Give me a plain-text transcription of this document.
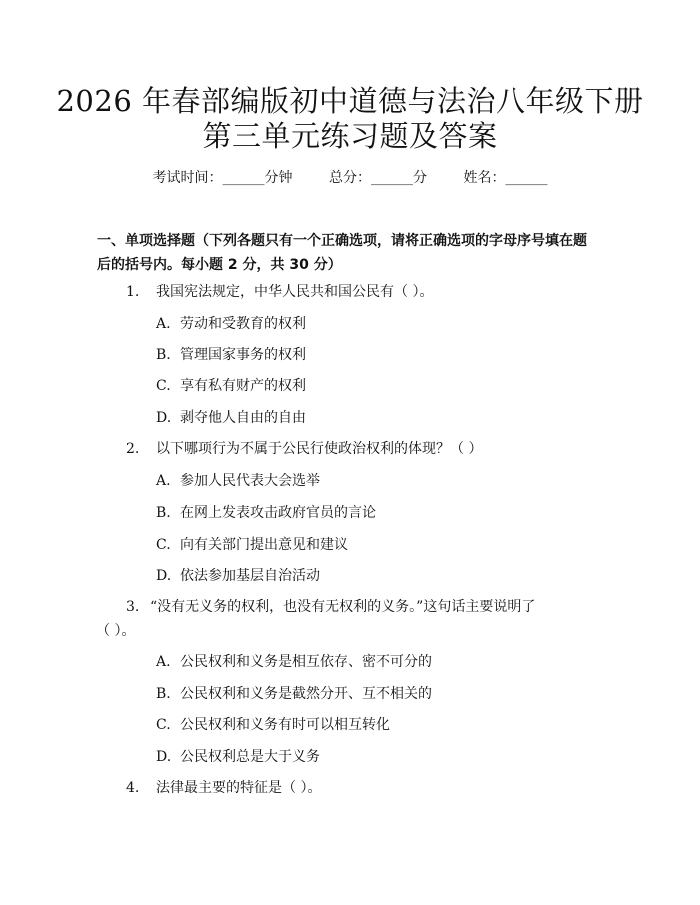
2026 年春部编版初中道德与法治八年级下册
第三单元练习题及答案
考试时间：______分钟	总分：______分	姓名：______
一、单项选择题（下列各题只有一个正确选项，请将正确选项的字母序号填在题
后的括号内。每小题 2 分，共 30 分）
1.	我国宪法规定，中华人民共和国公民有（ ）。
A. 劳动和受教育的权利
B. 管理国家事务的权利
C. 享有私有财产的权利
D. 剥夺他人自由的自由
2.	以下哪项行为不属于公民行使政治权利的体现？（ ）
A. 参加人民代表大会选举
B. 在网上发表攻击政府官员的言论
C. 向有关部门提出意见和建议
D. 依法参加基层自治活动
3. “没有无义务的权利，也没有无权利的义务。”这句话主要说明了
（ ）。
A. 公民权利和义务是相互依存、密不可分的
B. 公民权利和义务是截然分开、互不相关的
C. 公民权利和义务有时可以相互转化
D. 公民权利总是大于义务
4.	法律最主要的特征是（ ）。
